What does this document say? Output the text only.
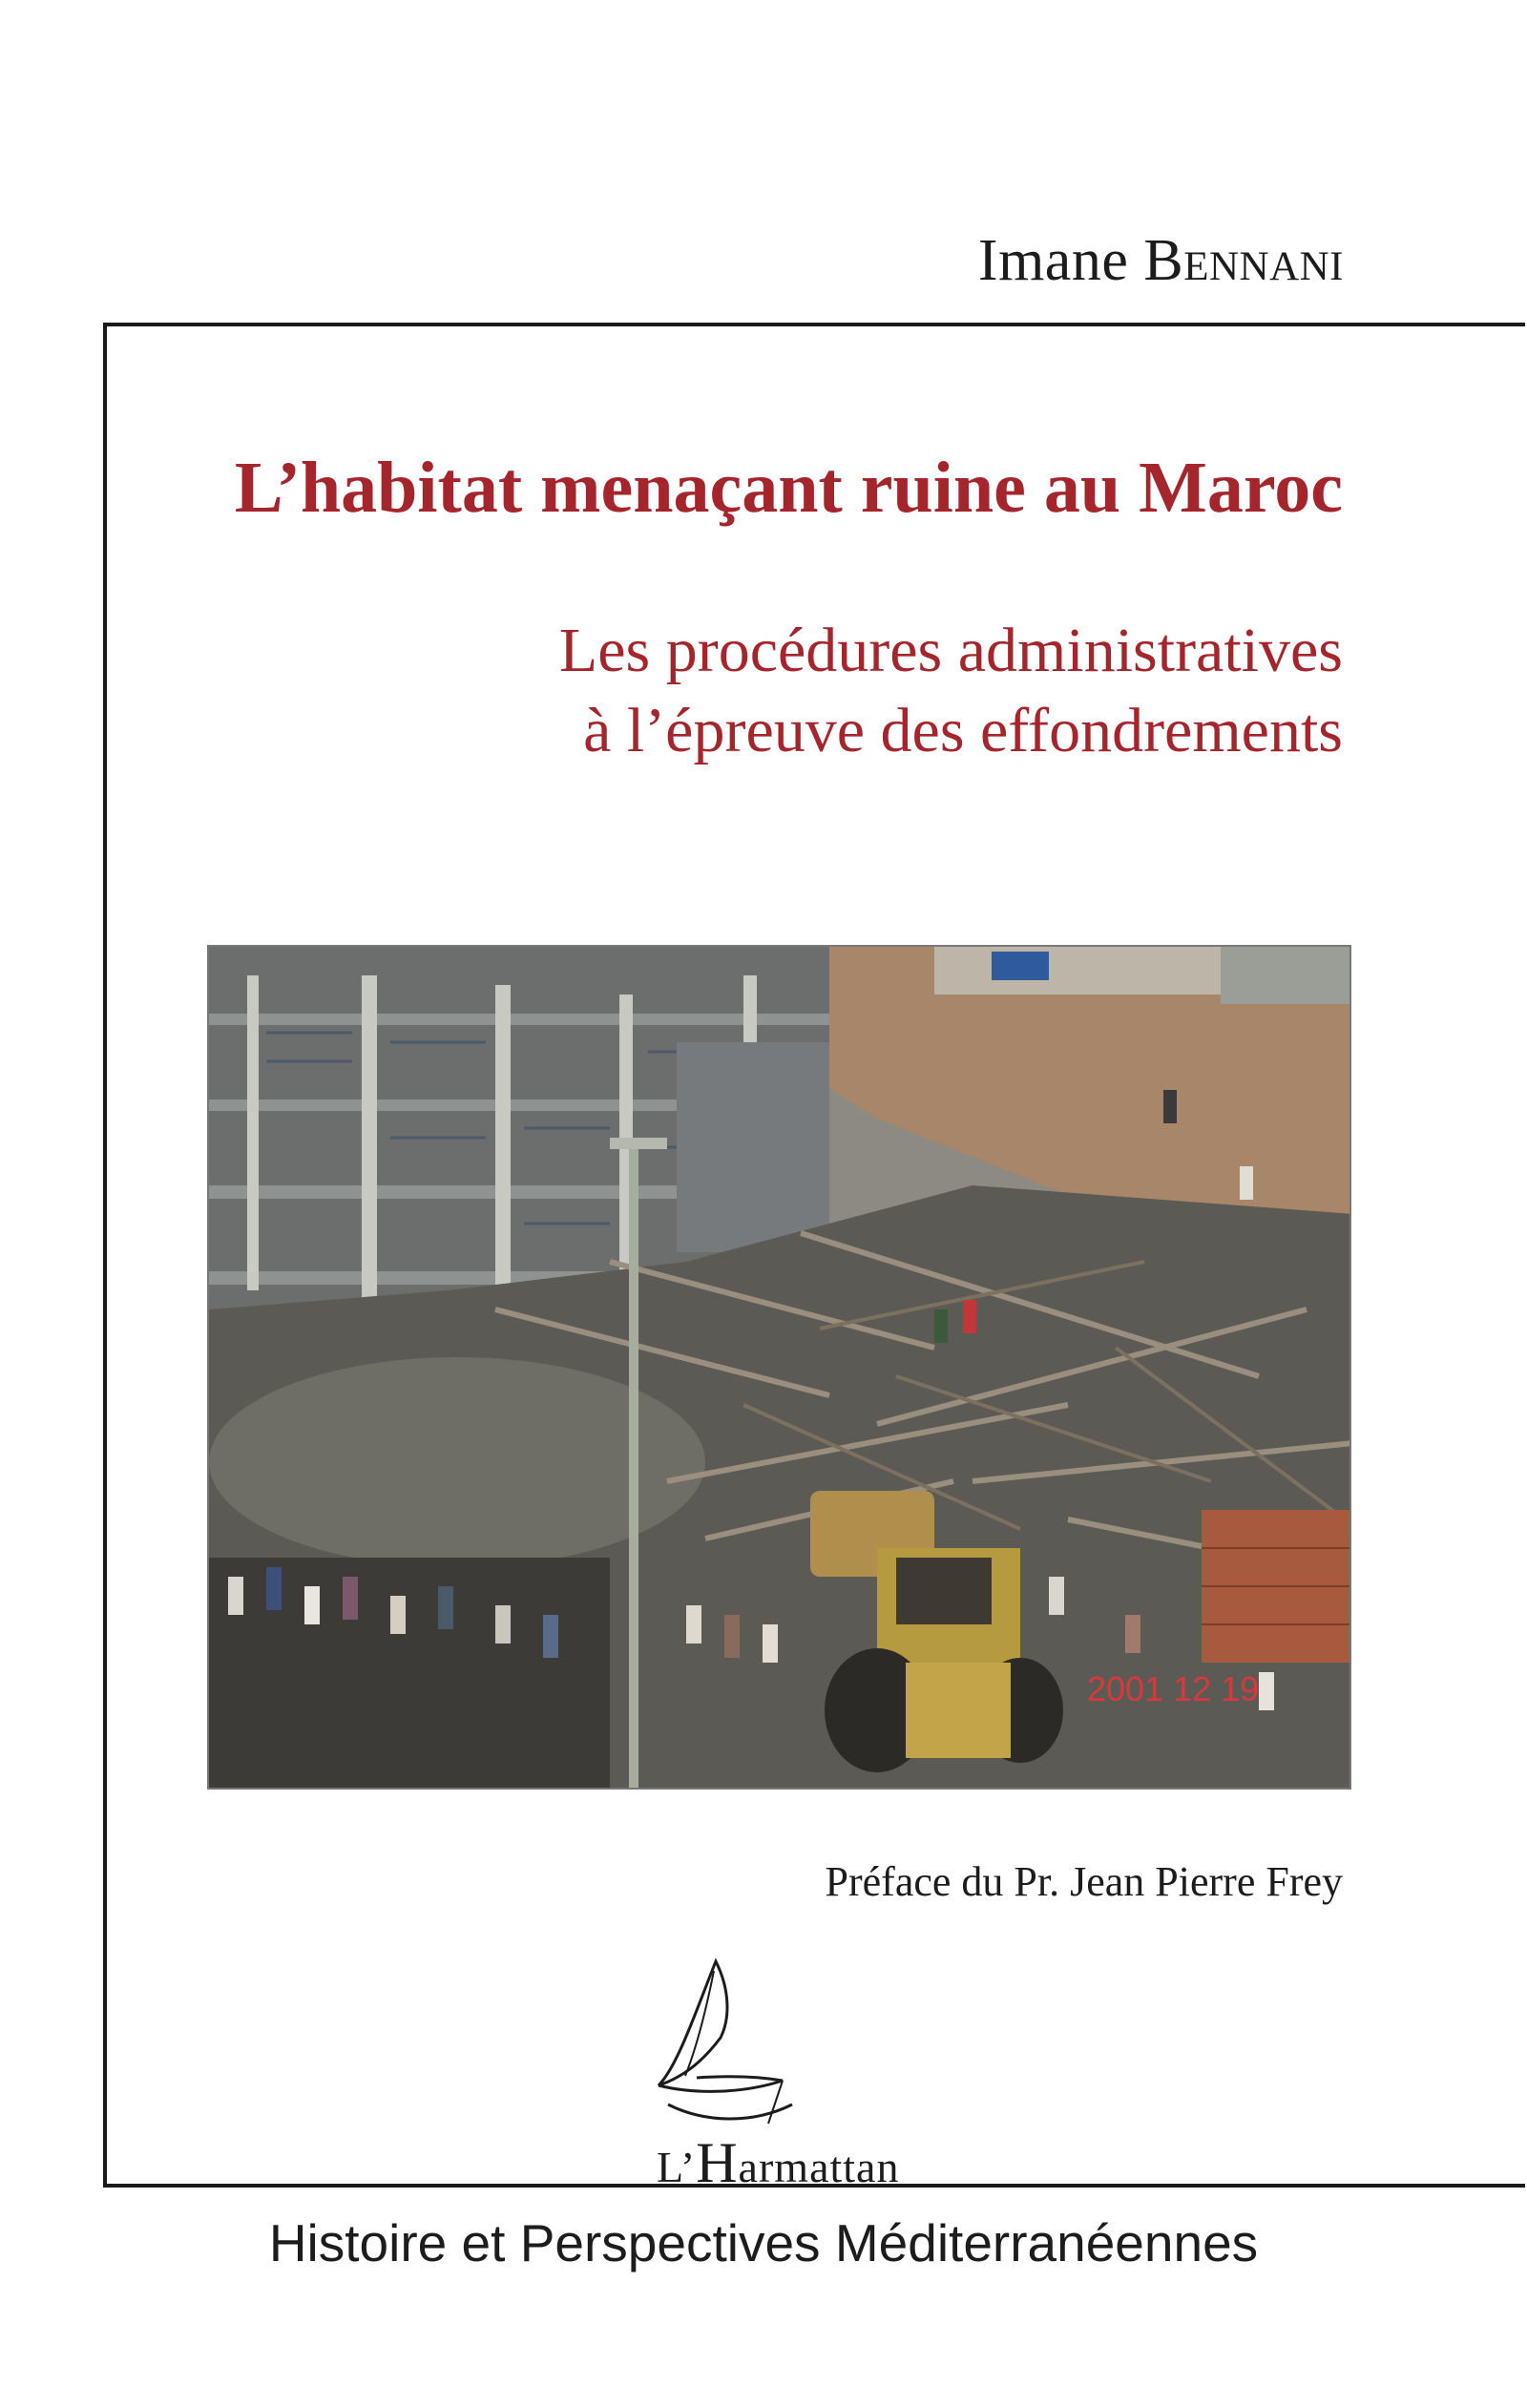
Imane Bennani
L’habitat menaçant ruine au Maroc
Les procédures administratives
à l’épreuve des effondrements
2001 12 19
Préface du Pr. Jean Pierre Frey
L’Harmattan
Histoire et Perspectives Méditerranéennes
